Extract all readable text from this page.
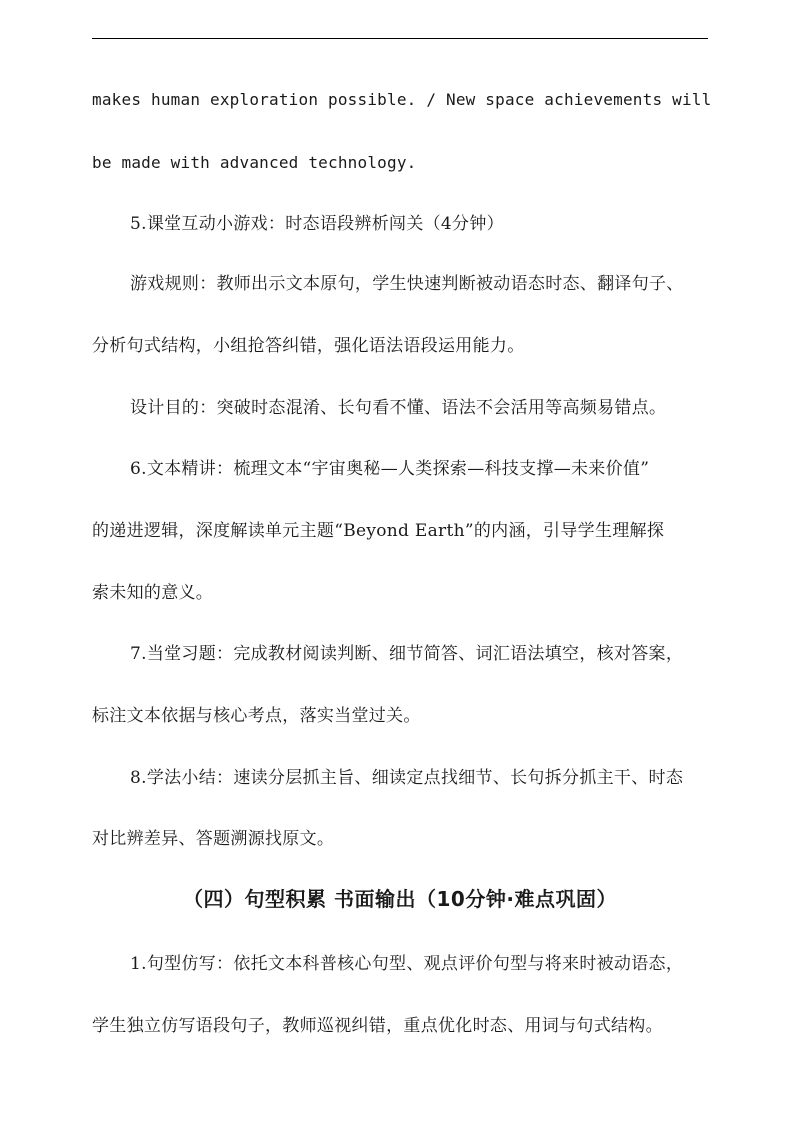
makes human exploration possible. / New space achievements will
be made with advanced technology.
5.课堂互动小游戏：时态语段辨析闯关（4分钟）
游戏规则：教师出示文本原句，学生快速判断被动语态时态、翻译句子、
分析句式结构，小组抢答纠错，强化语法语段运用能力。
设计目的：突破时态混淆、长句看不懂、语法不会活用等高频易错点。
6.文本精讲：梳理文本“宇宙奥秘—人类探索—科技支撑—未来价值”
的递进逻辑，深度解读单元主题“Beyond Earth”的内涵，引导学生理解探
索未知的意义。
7.当堂习题：完成教材阅读判断、细节简答、词汇语法填空，核对答案，
标注文本依据与核心考点，落实当堂过关。
8.学法小结：速读分层抓主旨、细读定点找细节、长句拆分抓主干、时态
对比辨差异、答题溯源找原文。
（四）句型积累 书面输出（10分钟·难点巩固）
1.句型仿写：依托文本科普核心句型、观点评价句型与将来时被动语态，
学生独立仿写语段句子，教师巡视纠错，重点优化时态、用词与句式结构。
